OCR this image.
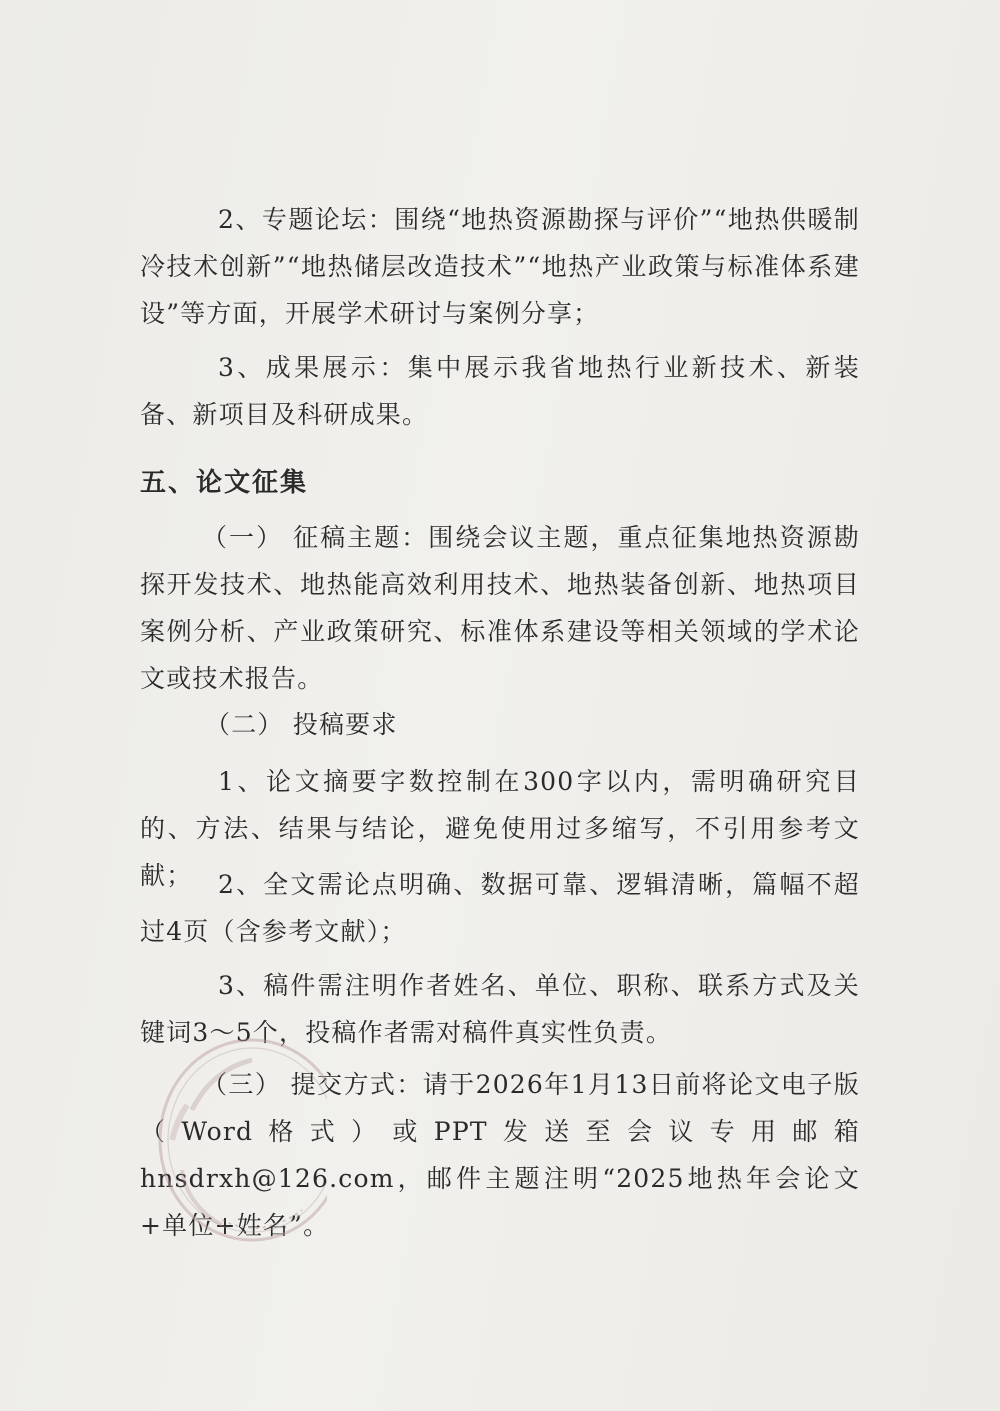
2、专题论坛：围绕“地热资源勘探与评价”“地热供暖制冷技术创新”“地热储层改造技术”“地热产业政策与标准体系建设”等方面，开展学术研讨与案例分享；

3、成果展示：集中展示我省地热行业新技术、新装备、新项目及科研成果。

五、论文征集

（一） 征稿主题：围绕会议主题，重点征集地热资源勘探开发技术、地热能高效利用技术、地热装备创新、地热项目案例分析、产业政策研究、标准体系建设等相关领域的学术论文或技术报告。

（二） 投稿要求

1、论文摘要字数控制在300字以内，需明确研究目的、方法、结果与结论，避免使用过多缩写，不引用参考文献；	2、全文需论点明确、数据可靠、逻辑清晰，篇幅不超过4页（含参考文献）；

3、稿件需注明作者姓名、单位、职称、联系方式及关键词3～5个，投稿作者需对稿件真实性负责。

（三） 提交方式：请于2026年1月13日前将论文电子版（Word格式）或PPT发送至会议专用邮箱hnsdrxh@126.com，邮件主题注明“2025地热年会论文+单位+姓名”。
